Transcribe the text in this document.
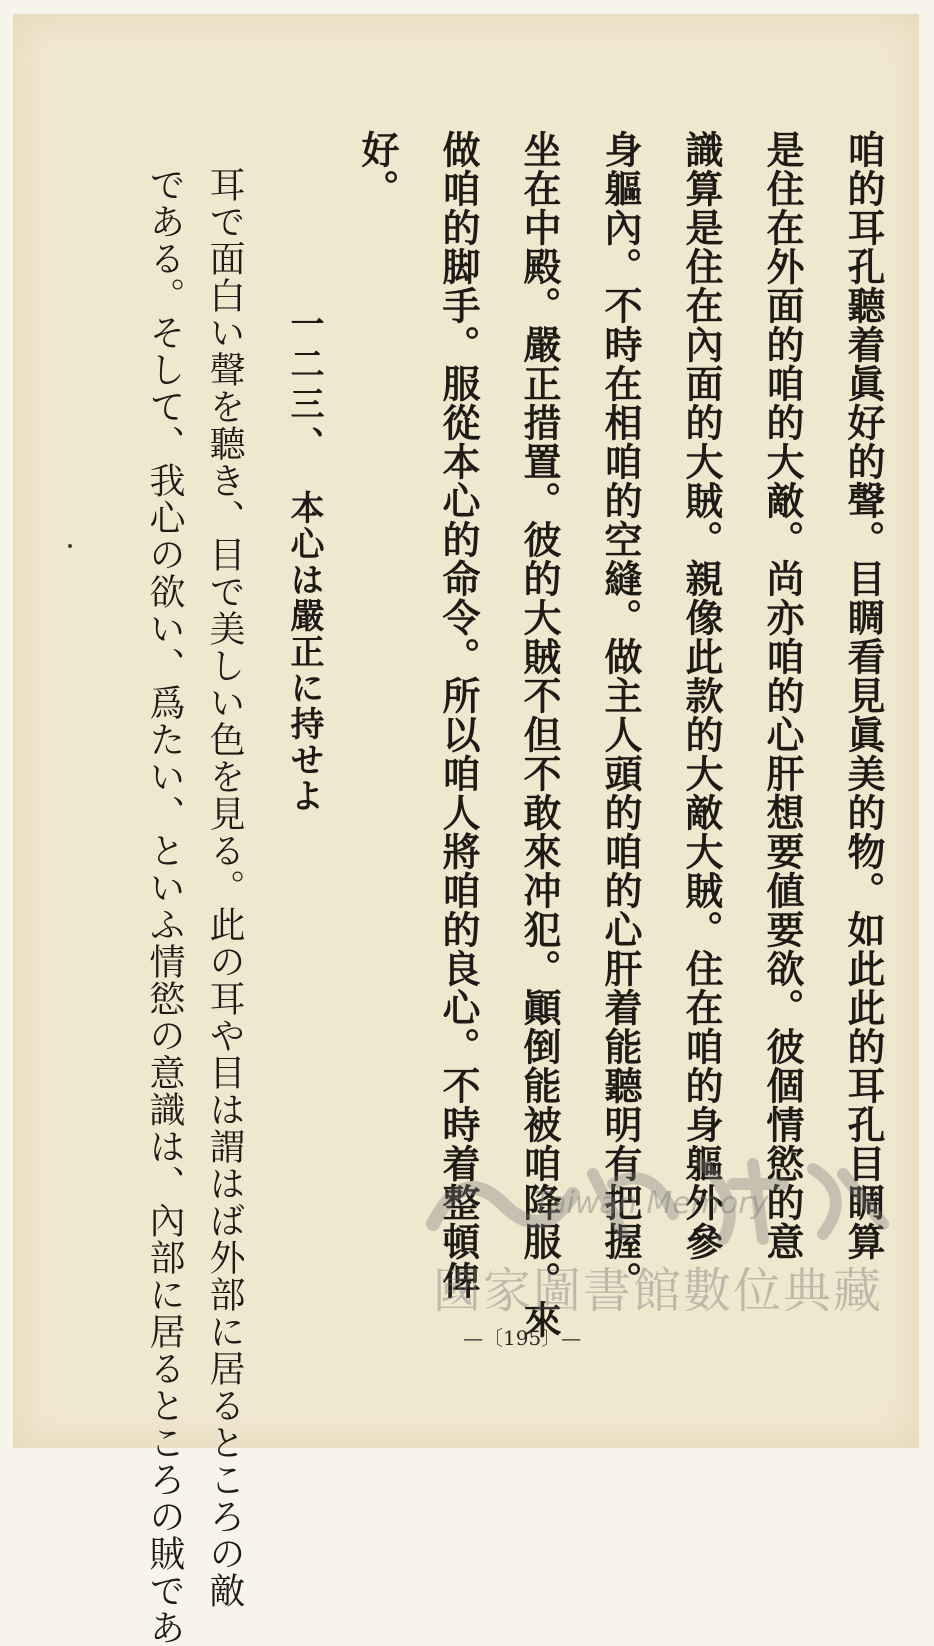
咱的耳孔聽着眞好的聲。目睭看見眞美的物。如此此的耳孔目睭算
是住在外面的咱的大敵。尚亦咱的心肝想要値要欲。彼個情慾的意
識算是住在內面的大賊。親像此款的大敵大賊。住在咱的身軀外參
身軀內。不時在相咱的空縫。做主人頭的咱的心肝着能聽明有把握。
坐在中殿。嚴正措置。彼的大賊不但不敢來冲犯。顚倒能被咱降服。來
做咱的脚手。服從本心的命令。所以咱人將咱的良心。不時着整頓俾
好。
一二三、本心は嚴正に持せよ
耳で面白い聲を聽き、目で美しい色を見る。此の耳や目は謂はば外部に居るところの敵
である。そして、我心の欲い、爲たい、といふ情慾の意識は、內部に居るところの賊であ	Taiwan Memory
國家圖書館數位典藏
—〔195〕—
